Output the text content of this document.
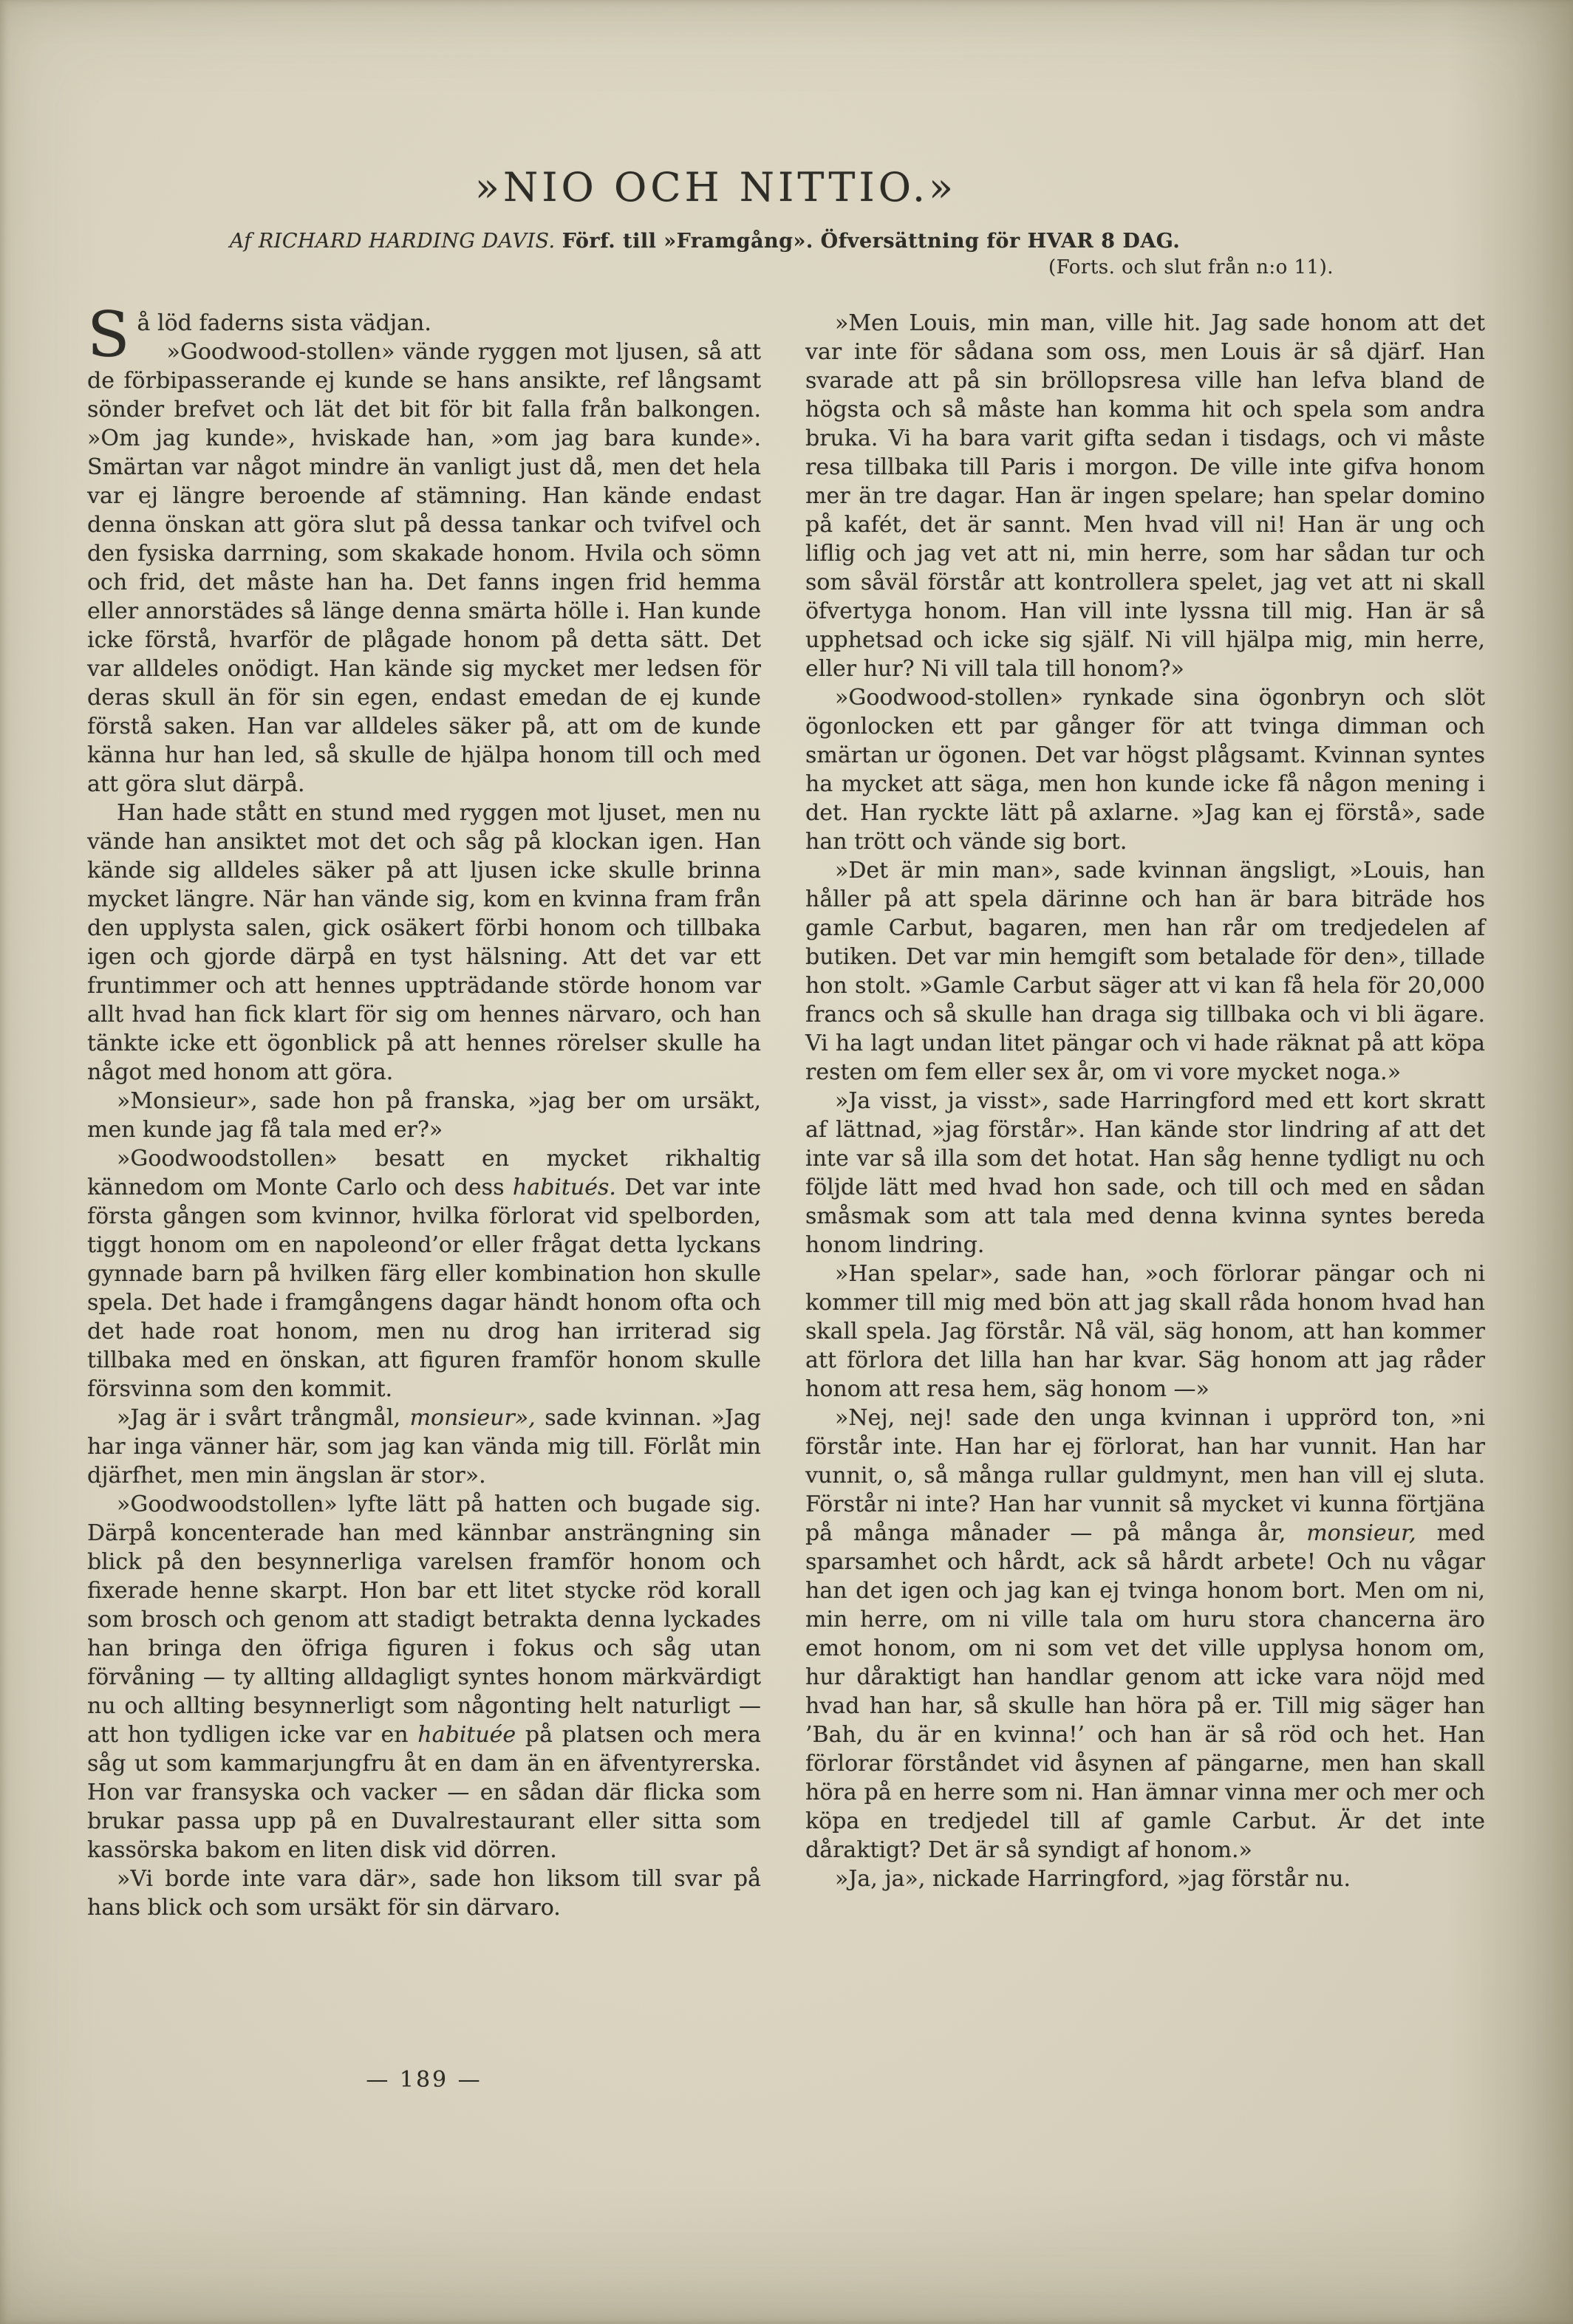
»NIO OCH NITTIO.»

Af RICHARD HARDING DAVIS. Förf. till »Framgång». Öfversättning för HVAR 8 DAG.

(Forts. och slut från n:o 11).

Så löd faderns sista vädjan.

»Goodwood-stollen» vände ryggen mot ljusen, så att de förbipasserande ej kunde se hans ansikte, ref långsamt sönder brefvet och lät det bit för bit falla från balkongen. »Om jag kunde», hviskade han, »om jag bara kunde». Smärtan var något mindre än vanligt just då, men det hela var ej längre beroende af stämning. Han kände endast denna önskan att göra slut på dessa tankar och tvifvel och den fysiska darrning, som skakade honom. Hvila och sömn och frid, det måste han ha. Det fanns ingen frid hemma eller annorstädes så länge denna smärta hölle i. Han kunde icke förstå, hvarför de plågade honom på detta sätt. Det var alldeles onödigt. Han kände sig mycket mer ledsen för deras skull än för sin egen, endast emedan de ej kunde förstå saken. Han var alldeles säker på, att om de kunde känna hur han led, så skulle de hjälpa honom till och med att göra slut därpå.

Han hade stått en stund med ryggen mot ljuset, men nu vände han ansiktet mot det och såg på klockan igen. Han kände sig alldeles säker på att ljusen icke skulle brinna mycket längre. När han vände sig, kom en kvinna fram från den upplysta salen, gick osäkert förbi honom och tillbaka igen och gjorde därpå en tyst hälsning. Att det var ett fruntimmer och att hennes uppträdande störde honom var allt hvad han fick klart för sig om hennes närvaro, och han tänkte icke ett ögonblick på att hennes rörelser skulle ha något med honom att göra.

»Monsieur», sade hon på franska, »jag ber om ursäkt, men kunde jag få tala med er?»

»Goodwoodstollen» besatt en mycket rikhaltig kännedom om Monte Carlo och dess habitués. Det var inte första gången som kvinnor, hvilka förlorat vid spelborden, tiggt honom om en napoleond’or eller frågat detta lyckans gynnade barn på hvilken färg eller kombination hon skulle spela. Det hade i framgångens dagar händt honom ofta och det hade roat honom, men nu drog han irriterad sig tillbaka med en önskan, att figuren framför honom skulle försvinna som den kommit.

»Jag är i svårt trångmål, monsieur», sade kvinnan. »Jag har inga vänner här, som jag kan vända mig till. Förlåt min djärfhet, men min ängslan är stor».

»Goodwoodstollen» lyfte lätt på hatten och bugade sig. Därpå koncenterade han med kännbar ansträngning sin blick på den besynnerliga varelsen framför honom och fixerade henne skarpt. Hon bar ett litet stycke röd korall som brosch och genom att stadigt betrakta denna lyckades han bringa den öfriga figuren i fokus och såg utan förvåning — ty allting alldagligt syntes honom märkvärdigt nu och allting besynnerligt som någonting helt naturligt — att hon tydligen icke var en habituée på platsen och mera såg ut som kammarjungfru åt en dam än en äfventyrerska. Hon var fransyska och vacker — en sådan där flicka som brukar passa upp på en Duvalrestaurant eller sitta som kassörska bakom en liten disk vid dörren.

»Vi borde inte vara där», sade hon liksom till svar på hans blick och som ursäkt för sin därvaro.

»Men Louis, min man, ville hit. Jag sade honom att det var inte för sådana som oss, men Louis är så djärf. Han svarade att på sin bröllopsresa ville han lefva bland de högsta och så måste han komma hit och spela som andra bruka. Vi ha bara varit gifta sedan i tisdags, och vi måste resa tillbaka till Paris i morgon. De ville inte gifva honom mer än tre dagar. Han är ingen spelare; han spelar domino på kafét, det är sannt. Men hvad vill ni! Han är ung och liflig och jag vet att ni, min herre, som har sådan tur och som såväl förstår att kontrollera spelet, jag vet att ni skall öfvertyga honom. Han vill inte lyssna till mig. Han är så upphetsad och icke sig själf. Ni vill hjälpa mig, min herre, eller hur? Ni vill tala till honom?»

»Goodwood-stollen» rynkade sina ögonbryn och slöt ögonlocken ett par gånger för att tvinga dimman och smärtan ur ögonen. Det var högst plågsamt. Kvinnan syntes ha mycket att säga, men hon kunde icke få någon mening i det. Han ryckte lätt på axlarne. »Jag kan ej förstå», sade han trött och vände sig bort.

»Det är min man», sade kvinnan ängsligt, »Louis, han håller på att spela därinne och han är bara biträde hos gamle Carbut, bagaren, men han rår om tredjedelen af butiken. Det var min hemgift som betalade för den», tillade hon stolt. »Gamle Carbut säger att vi kan få hela för 20,000 francs och så skulle han draga sig tillbaka och vi bli ägare. Vi ha lagt undan litet pängar och vi hade räknat på att köpa resten om fem eller sex år, om vi vore mycket noga.»

»Ja visst, ja visst», sade Harringford med ett kort skratt af lättnad, »jag förstår». Han kände stor lindring af att det inte var så illa som det hotat. Han såg henne tydligt nu och följde lätt med hvad hon sade, och till och med en sådan småsmak som att tala med denna kvinna syntes bereda honom lindring.

»Han spelar», sade han, »och förlorar pängar och ni kommer till mig med bön att jag skall råda honom hvad han skall spela. Jag förstår. Nå väl, säg honom, att han kommer att förlora det lilla han har kvar. Säg honom att jag råder honom att resa hem, säg honom —»

»Nej, nej! sade den unga kvinnan i upprörd ton, »ni förstår inte. Han har ej förlorat, han har vunnit. Han har vunnit, o, så många rullar guldmynt, men han vill ej sluta. Förstår ni inte? Han har vunnit så mycket vi kunna förtjäna på många månader — på många år, monsieur, med sparsamhet och hårdt, ack så hårdt arbete! Och nu vågar han det igen och jag kan ej tvinga honom bort. Men om ni, min herre, om ni ville tala om huru stora chancerna äro emot honom, om ni som vet det ville upplysa honom om, hur dåraktigt han handlar genom att icke vara nöjd med hvad han har, så skulle han höra på er. Till mig säger han ’Bah, du är en kvinna!’ och han är så röd och het. Han förlorar förståndet vid åsynen af pängarne, men han skall höra på en herre som ni. Han ämnar vinna mer och mer och köpa en tredjedel till af gamle Carbut. Är det inte dåraktigt? Det är så syndigt af honom.»

»Ja, ja», nickade Harringford, »jag förstår nu.

— 189 —
